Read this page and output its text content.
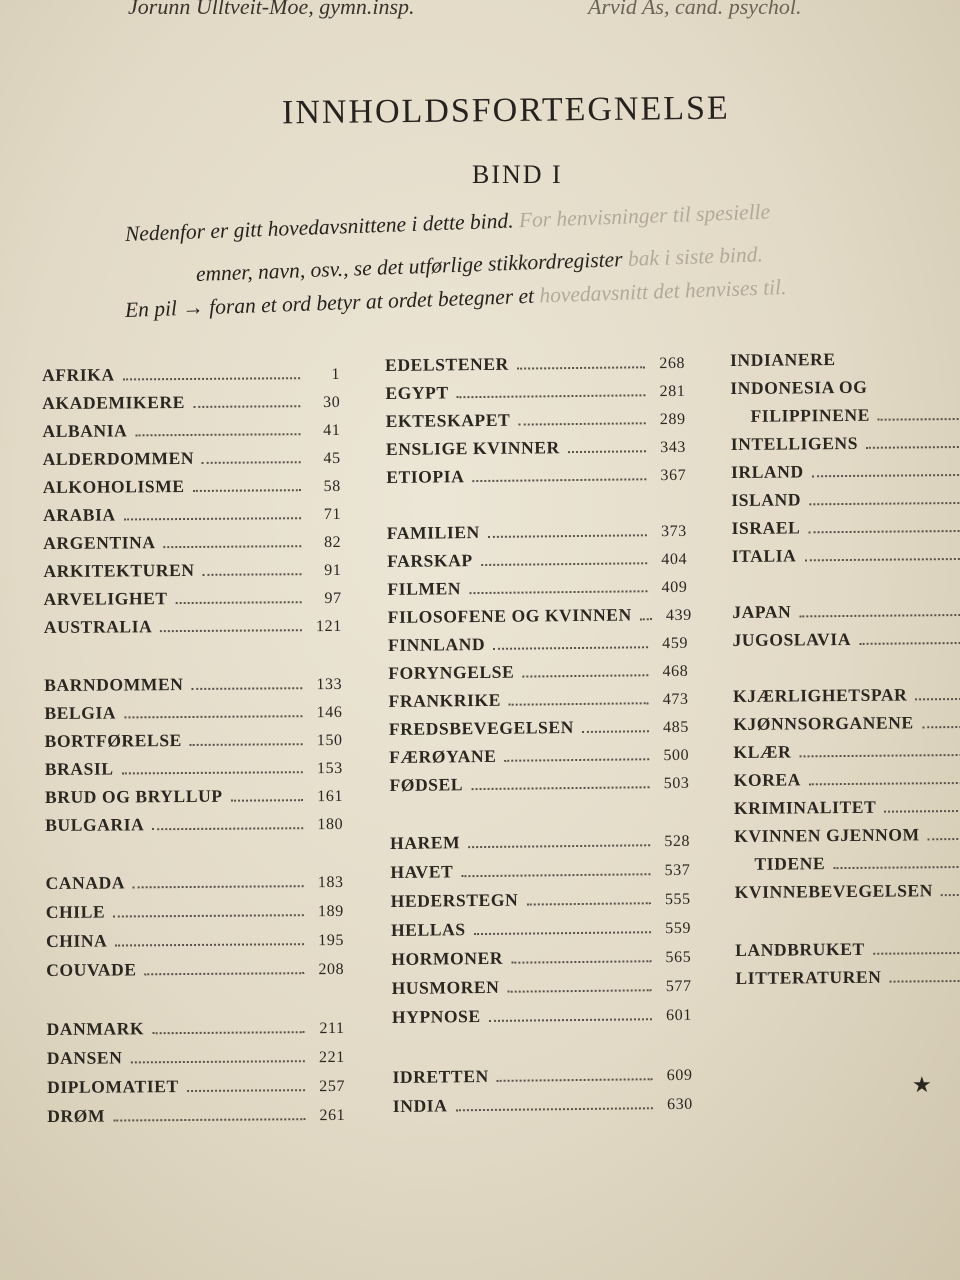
Jorunn Ulltveit-Moe, gymn.insp.	Arvid As, cand. psychol.
INNHOLDSFORTEGNELSE
BIND I
Nedenfor er gitt hovedavsnittene i dette bind. For henvisninger til spesielle
emner, navn, osv., se det utførlige stikkordregister bak i siste bind.
En pil → foran et ord betyr at ordet betegner et hovedavsnitt det henvises til.
AFRIKA	1
AKADEMIKERE	30
ALBANIA	41
ALDERDOMMEN	45
ALKOHOLISME	58
ARABIA	71
ARGENTINA	82
ARKITEKTUREN	91
ARVELIGHET	97
AUSTRALIA	121
BARNDOMMEN	133
BELGIA	146
BORTFØRELSE	150
BRASIL	153
BRUD OG BRYLLUP	161
BULGARIA	180
CANADA	183
CHILE	189
CHINA	195
COUVADE	208
DANMARK	211
DANSEN	221
DIPLOMATIET	257
DRØM	261
EDELSTENER	268
EGYPT	281
EKTESKAPET	289
ENSLIGE KVINNER	343
ETIOPIA	367
FAMILIEN	373
FARSKAP	404
FILMEN	409
FILOSOFENE OG KVINNEN	439
FINNLAND	459
FORYNGELSE	468
FRANKRIKE	473
FREDSBEVEGELSEN	485
FÆRØYANE	500
FØDSEL	503
HAREM	528
HAVET	537
HEDERSTEGN	555
HELLAS	559
HORMONER	565
HUSMOREN	577
HYPNOSE	601
IDRETTEN	609
INDIA	630
INDIANERE
INDONESIA OG
FILIPPINENE
INTELLIGENS
IRLAND
ISLAND
ISRAEL
ITALIA
JAPAN
JUGOSLAVIA
KJÆRLIGHETSPAR
KJØNNSORGANENE
KLÆR
KOREA
KRIMINALITET
KVINNEN GJENNOM
TIDENE
KVINNEBEVEGELSEN
LANDBRUKET
LITTERATUREN
★
